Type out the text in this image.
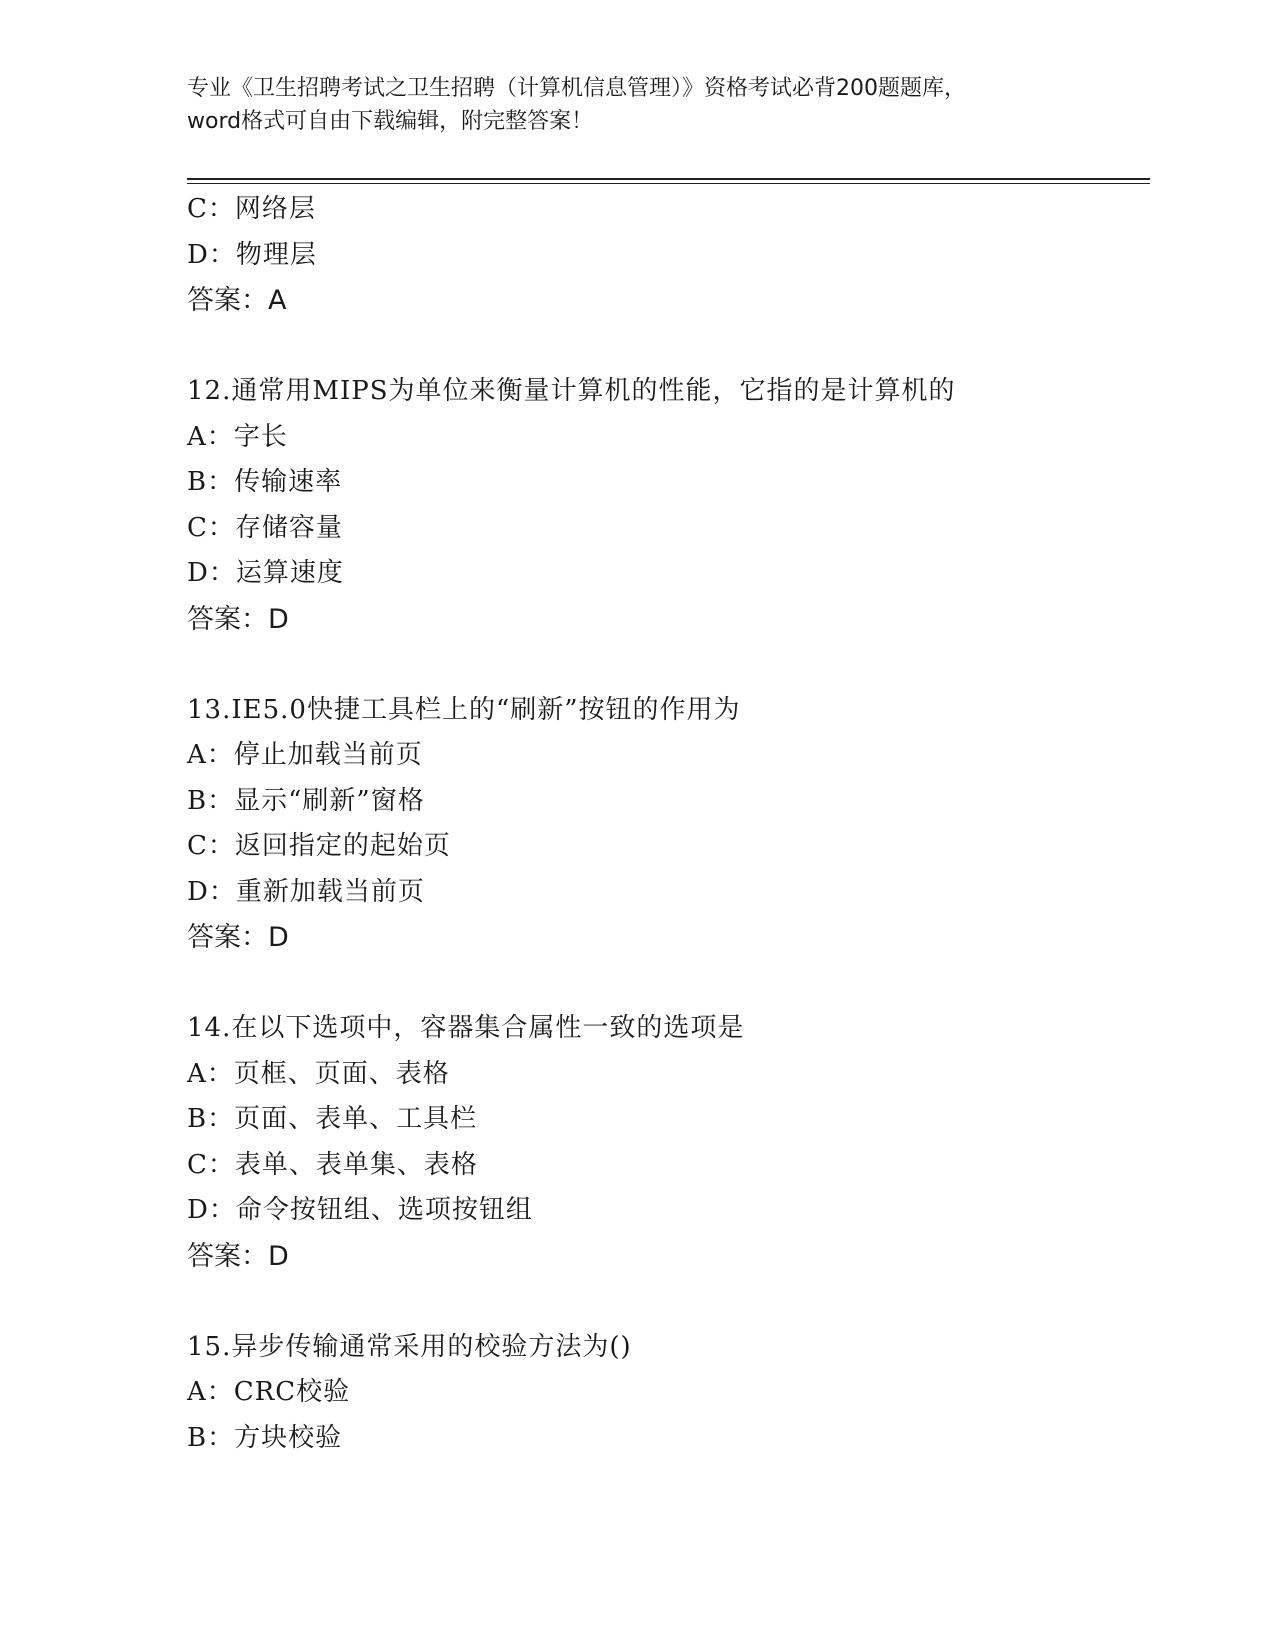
专业《卫生招聘考试之卫生招聘（计算机信息管理）》资格考试必背200题题库，
word格式可自由下载编辑，附完整答案！
C：网络层
D：物理层
答案：A
12.通常用MIPS为单位来衡量计算机的性能，它指的是计算机的
A：字长
B：传输速率
C：存储容量
D：运算速度
答案：D
13.IE5.0快捷工具栏上的“刷新”按钮的作用为
A：停止加载当前页
B：显示“刷新”窗格
C：返回指定的起始页
D：重新加载当前页
答案：D
14.在以下选项中，容器集合属性一致的选项是
A：页框、页面、表格
B：页面、表单、工具栏
C：表单、表单集、表格
D：命令按钮组、选项按钮组
答案：D
15.异步传输通常采用的校验方法为()
A：CRC校验
B：方块校验
